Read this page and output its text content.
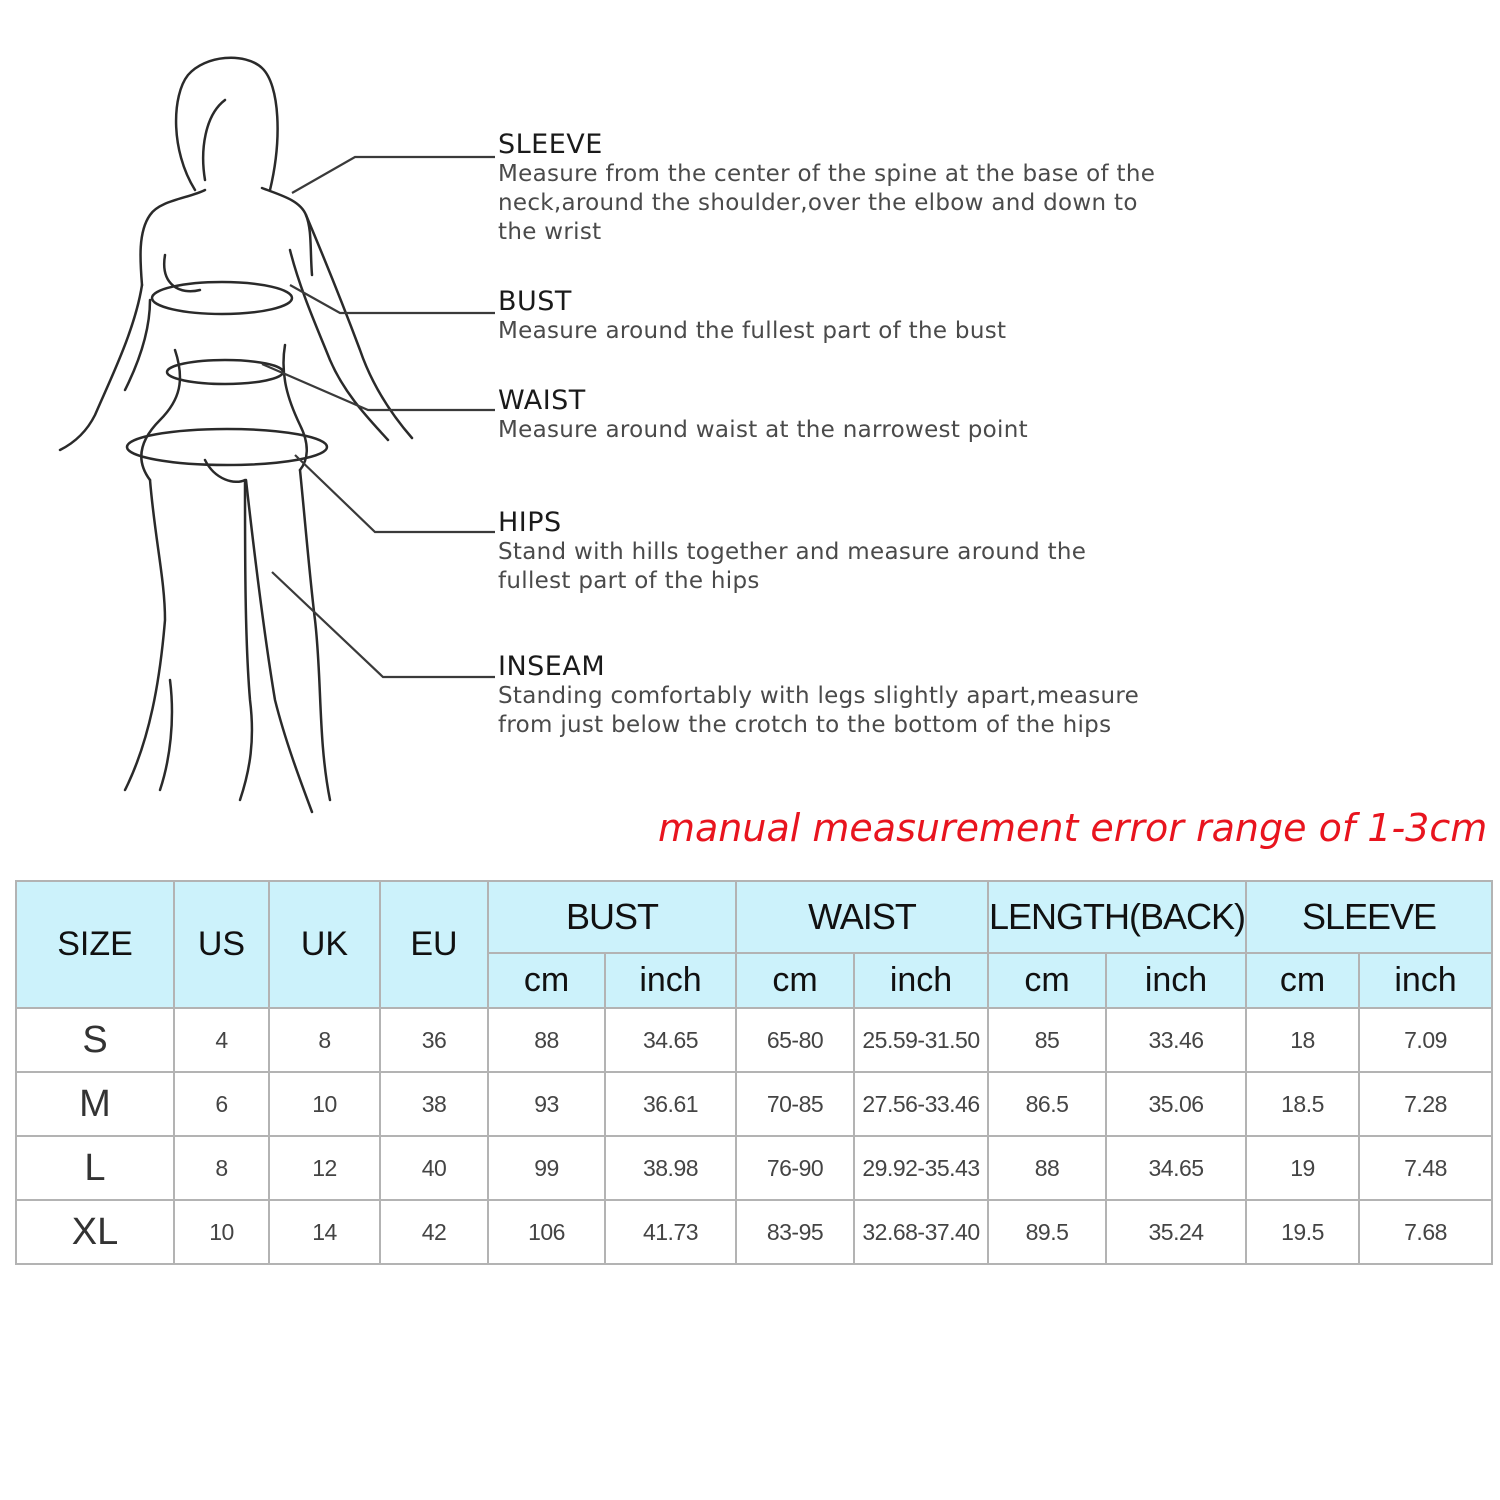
SLEEVE
Measure from the center of the spine at the base of the neck,around the shoulder,over the elbow and down to the wrist
BUST
Measure around the fullest part of the bust
WAIST
Measure around waist at the narrowest point
HIPS
Stand with hills together and measure around the fullest part of the hips
INSEAM
Standing comfortably with legs slightly apart,measure from just below the crotch to the bottom of the hips
manual measurement error range of 1-3cm
SIZE	US	UK	EU	BUST		WAIST		LENGTH(BACK)		SLEEVE	
				cm	inch	cm	inch	cm	inch	cm	inch
S	4	8	36	88	34.65	65-80	25.59-31.50	85	33.46	18	7.09
M	6	10	38	93	36.61	70-85	27.56-33.46	86.5	35.06	18.5	7.28
L	8	12	40	99	38.98	76-90	29.92-35.43	88	34.65	19	7.48
XL	10	14	42	106	41.73	83-95	32.68-37.40	89.5	35.24	19.5	7.68
